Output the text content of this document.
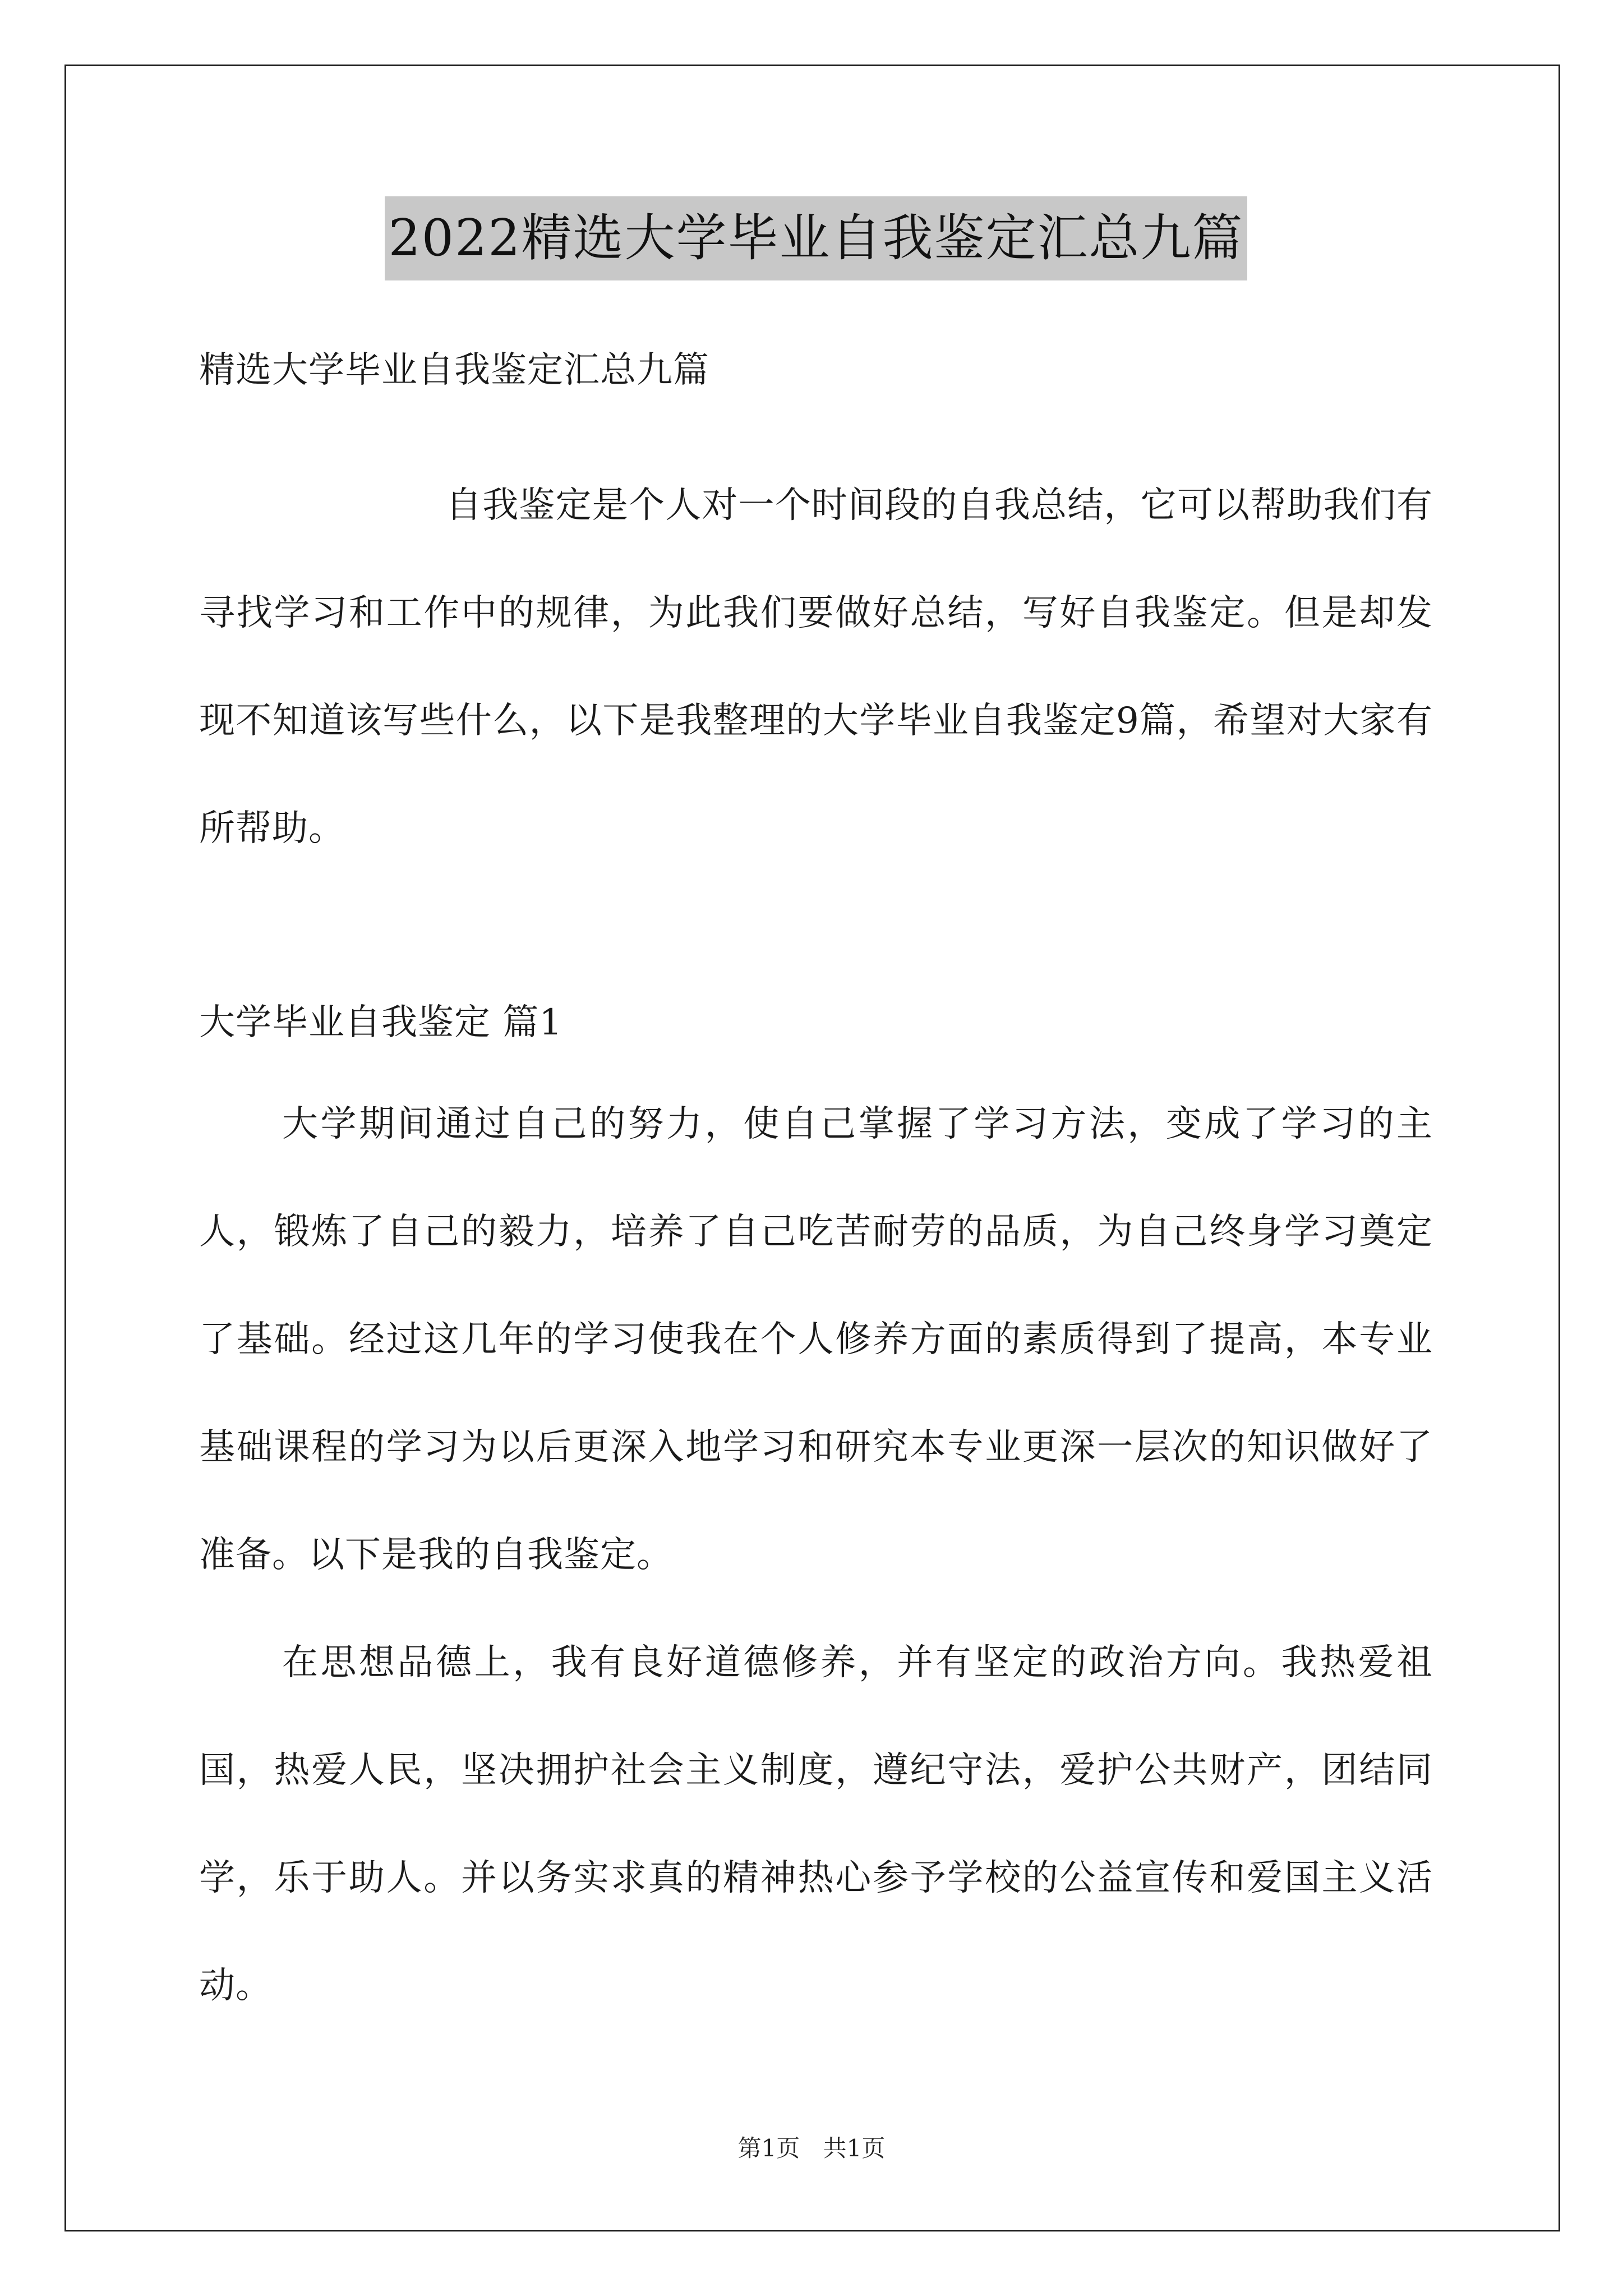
2022精选大学毕业自我鉴定汇总九篇
精选大学毕业自我鉴定汇总九篇

自我鉴定是个人对一个时间段的自我总结，它可以帮助我们有寻找学习和工作中的规律，为此我们要做好总结，写好自我鉴定。但是却发现不知道该写些什么，以下是我整理的大学毕业自我鉴定9篇，希望对大家有所帮助。

大学毕业自我鉴定 篇1

大学期间通过自己的努力，使自己掌握了学习方法，变成了学习的主人，锻炼了自己的毅力，培养了自己吃苦耐劳的品质，为自己终身学习奠定了基础。经过这几年的学习使我在个人修养方面的素质得到了提高，本专业基础课程的学习为以后更深入地学习和研究本专业更深一层次的知识做好了准备。以下是我的自我鉴定。

在思想品德上，我有良好道德修养，并有坚定的政治方向。我热爱祖国，热爱人民，坚决拥护社会主义制度，遵纪守法，爱护公共财产，团结同学，乐于助人。并以务实求真的精神热心参予学校的公益宣传和爱国主义活动。

第1页 共1页
